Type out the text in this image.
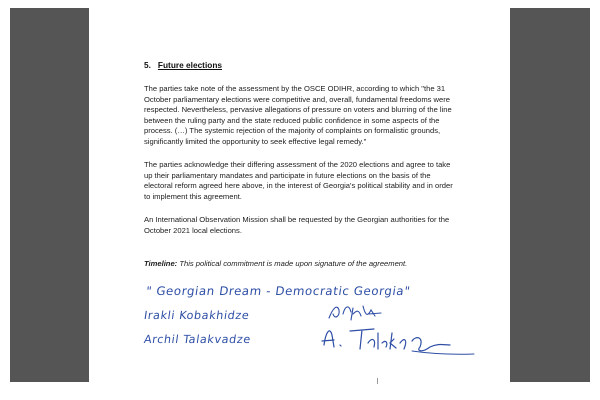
5. Future elections

The parties take note of the assessment by the OSCE ODIHR, according to which "the 31 October parliamentary elections were competitive and, overall, fundamental freedoms were respected. Nevertheless, pervasive allegations of pressure on voters and blurring of the line between the ruling party and the state reduced public confidence in some aspects of the process. (…) The systemic rejection of the majority of complaints on formalistic grounds, significantly limited the opportunity to seek effective legal remedy."

The parties acknowledge their differing assessment of the 2020 elections and agree to take up their parliamentary mandates and participate in future elections on the basis of the electoral reform agreed here above, in the interest of Georgia's political stability and in order to implement this agreement.

An International Observation Mission shall be requested by the Georgian authorities for the October 2021 local elections.

Timeline: This political commitment is made upon signature of the agreement.

" Georgian Dream - Democratic Georgia"
Irakli Kobakhidze
Archil Talakvadze
